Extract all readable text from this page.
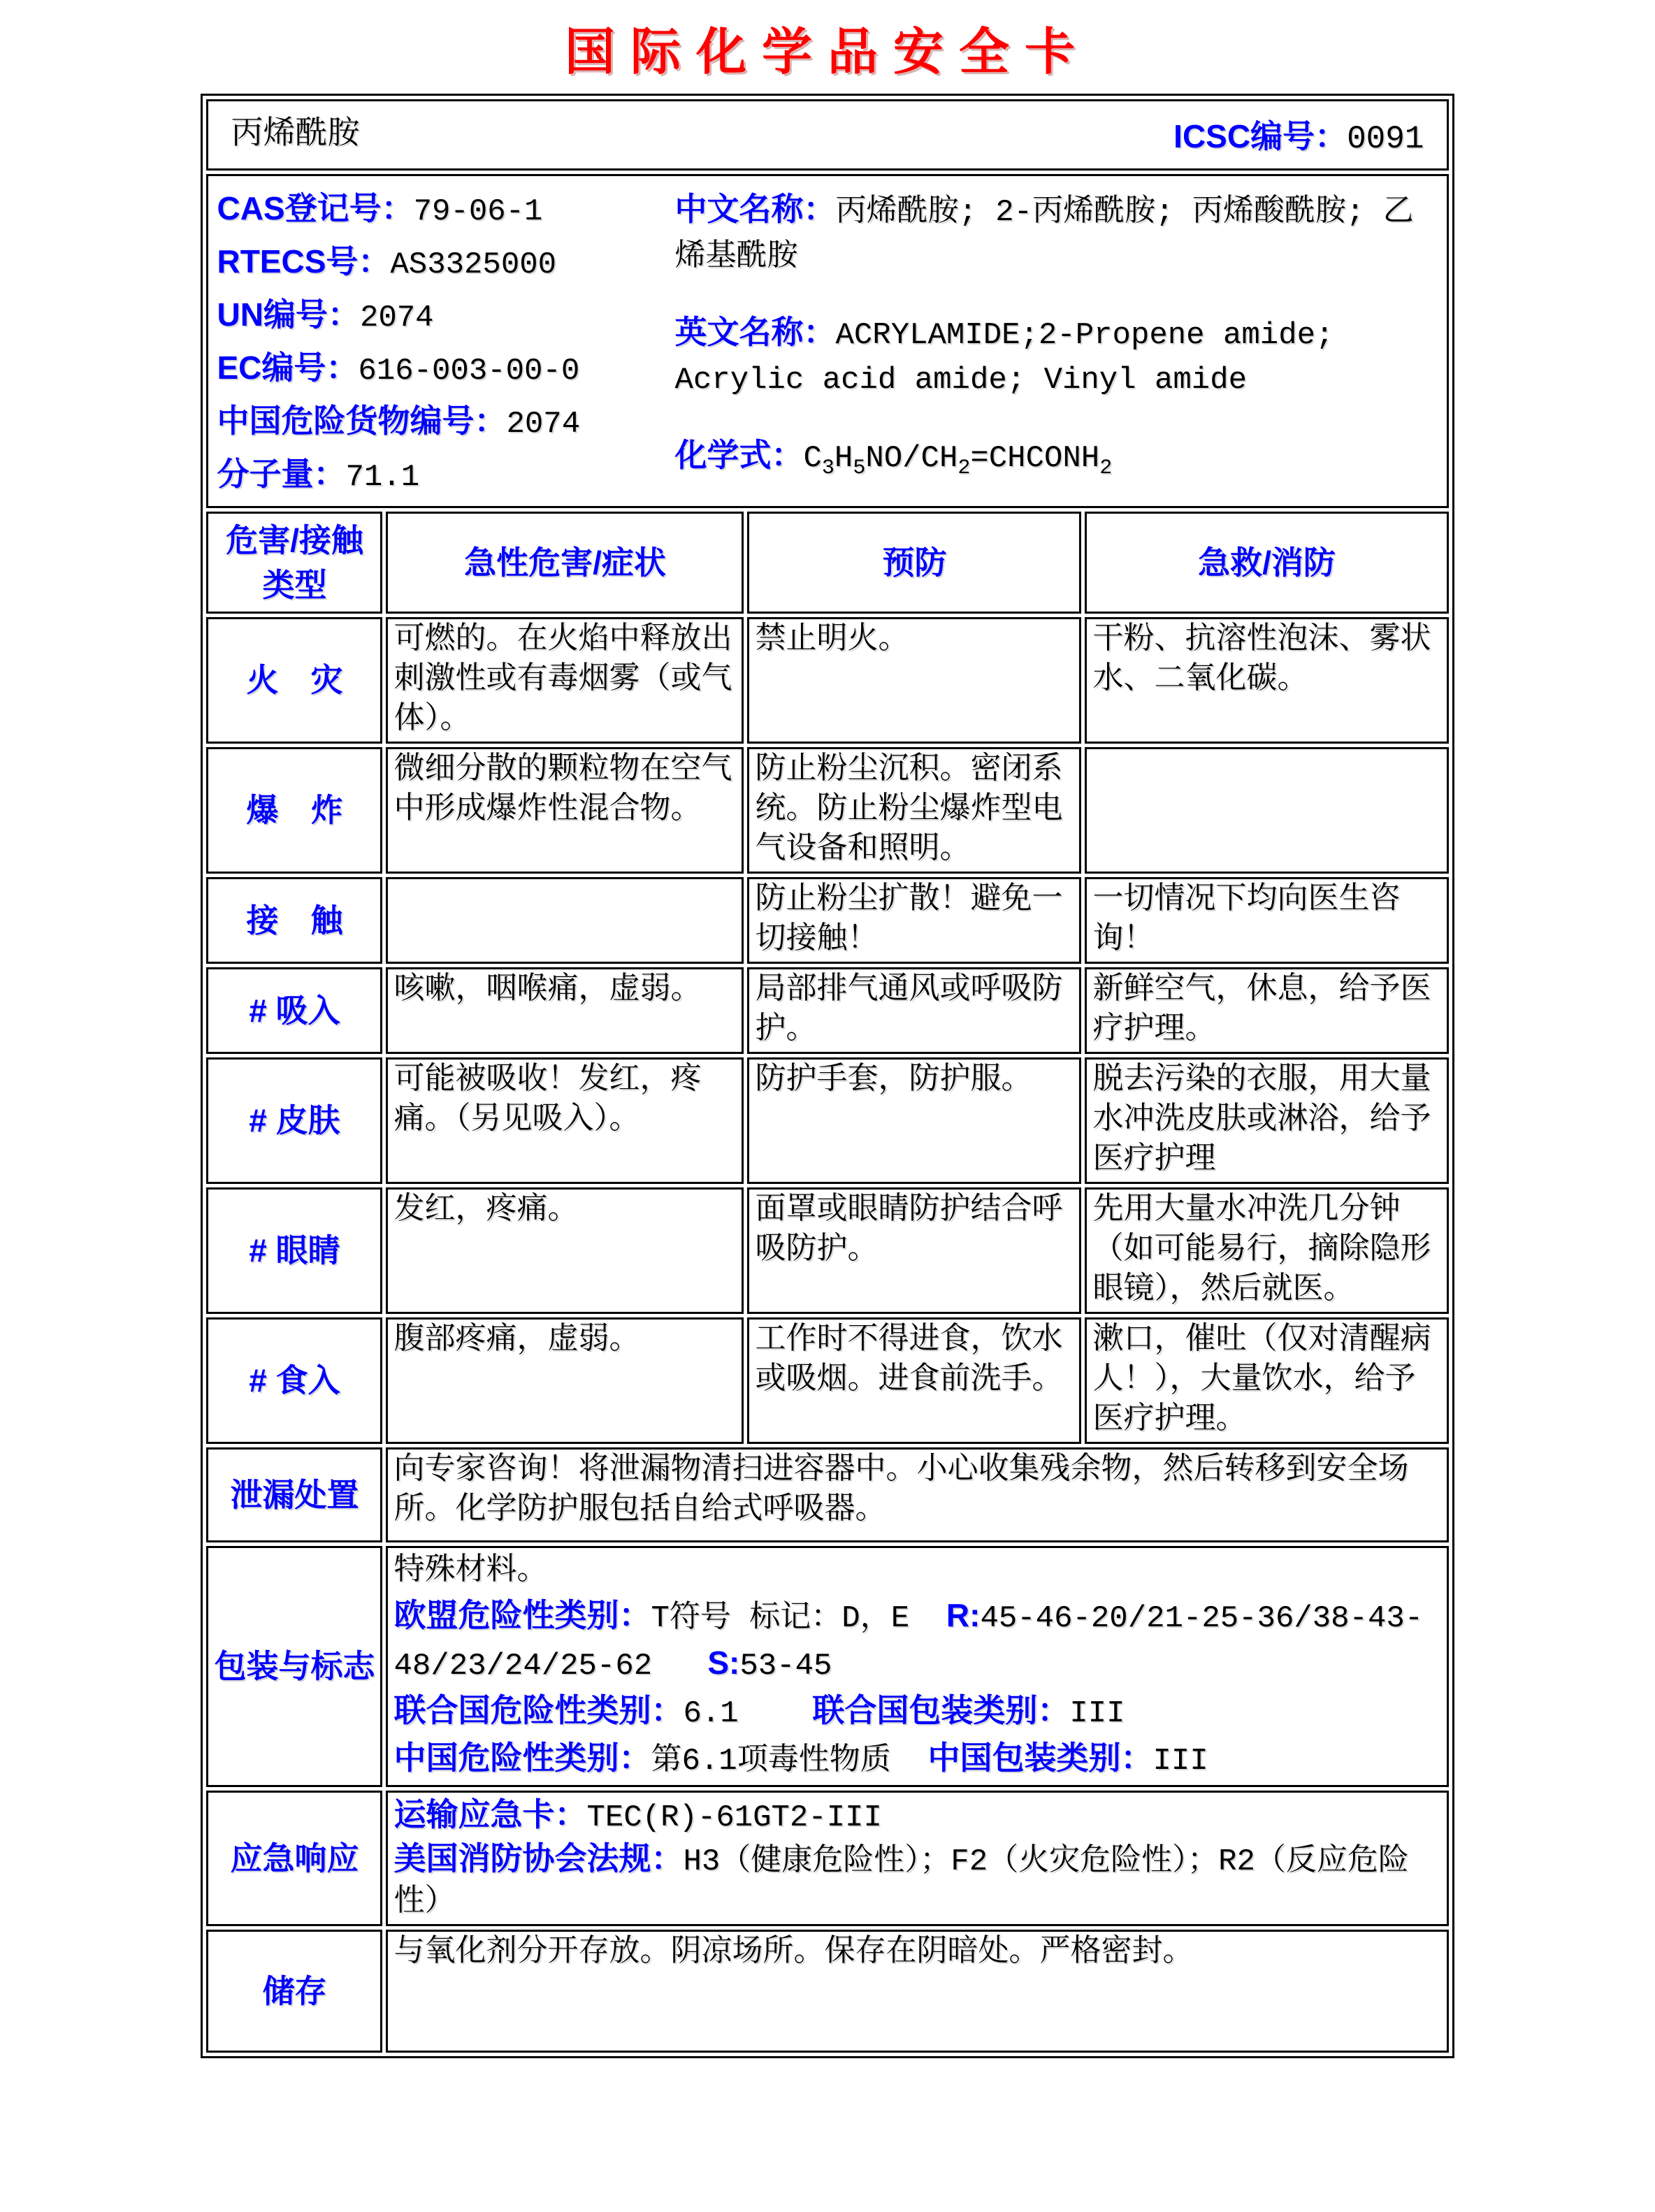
国际化学品安全卡
丙烯酰胺 ICSC编号：0091			

CAS登记号：79-06-1
RTECS号：AS3325000
UN编号：2074
EC编号：616-003-00-0
中国危险货物编号：2074
分子量：71.1

中文名称：丙烯酰胺; 2-丙烯酰胺; 丙烯酸酰胺; 乙烯基酰胺

英文名称：ACRYLAMIDE;2-Propene amide; Acrylic acid amide; Vinyl amide

化学式：$C_3H_5NO/CH_2=CHCONH_2$

危害/接触类型	急性危害/症状	预防	急救/消防
火　灾	可燃的。在火焰中释放出刺激性或有毒烟雾（或气体）。	禁止明火。	干粉、抗溶性泡沫、雾状水、二氧化碳。
爆　炸	微细分散的颗粒物在空气中形成爆炸性混合物。	防止粉尘沉积。密闭系统。防止粉尘爆炸型电气设备和照明。	
接　触		防止粉尘扩散！避免一切接触！	一切情况下均向医生咨询！
# 吸入	咳嗽，咽喉痛，虚弱。	局部排气通风或呼吸防护。	新鲜空气，休息，给予医疗护理。
# 皮肤	可能被吸收！发红，疼痛。（另见吸入）。	防护手套，防护服。	脱去污染的衣服，用大量水冲洗皮肤或淋浴，给予医疗护理
# 眼睛	发红，疼痛。	面罩或眼睛防护结合呼吸防护。	先用大量水冲洗几分钟（如可能易行，摘除隐形眼镜），然后就医。
# 食入	腹部疼痛，虚弱。	工作时不得进食，饮水或吸烟。进食前洗手。	漱口，催吐（仅对清醒病人！），大量饮水，给予医疗护理。
泄漏处置	向专家咨询！将泄漏物清扫进容器中。小心收集残余物，然后转移到安全场所。化学防护服包括自给式呼吸器。		
包装与标志	特殊材料。

欧盟危险性类别：T符号 标记：D，E  R:45-46-20/21-25-36/38-43-48/23/24/25-62   S:53-45

联合国危险性类别：6.1    联合国包装类别：III

中国危险性类别：第6.1项毒性物质  中国包装类别：III		

应急响应	运输应急卡：TEC(R)-61GT2-III

美国消防协会法规：H3（健康危险性）；F2（火灾危险性）；R2（反应危险性）		

储存	与氧化剂分开存放。阴凉场所。保存在阴暗处。严格密封。		
